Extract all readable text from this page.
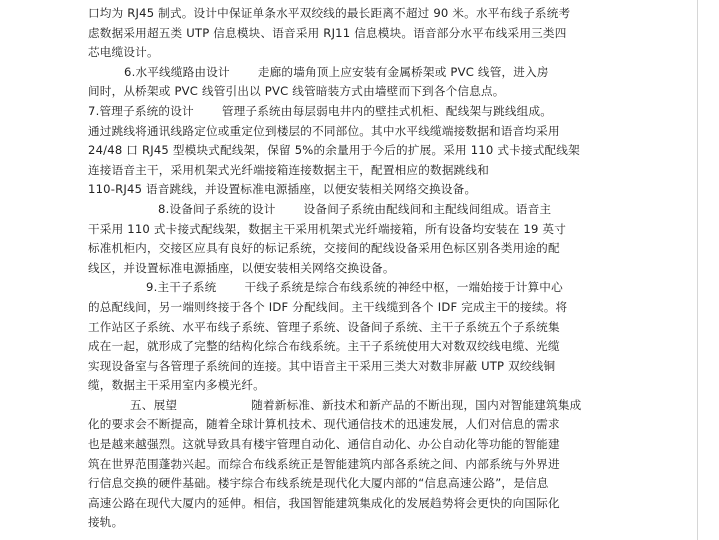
口均为 RJ45 制式。设计中保证单条水平双绞线的最长距离不超过 90 米。水平布线子系统考
虑数据采用超五类 UTP 信息模块、语音采用 RJ11 信息模块。语音部分水平布线采用三类四
芯电缆设计。
6.水平线缆路由设计 走廊的墙角顶上应安装有金属桥架或 PVC 线管，进入房
间时，从桥架或 PVC 线管引出以 PVC 线管暗装方式由墙壁而下到各个信息点。
7.管理子系统的设计 管理子系统由每层弱电井内的壁挂式机柜、配线架与跳线组成。
通过跳线将通讯线路定位或重定位到楼层的不同部位。其中水平线缆端接数据和语音均采用
24/48 口 RJ45 型模块式配线架，保留 5%的余量用于今后的扩展。采用 110 式卡接式配线架
连接语音主干，采用机架式光纤端接箱连接数据主干，配置相应的数据跳线和
110-RJ45 语音跳线，并设置标准电源插座，以便安装相关网络交换设备。
8.设备间子系统的设计 设备间子系统由配线间和主配线间组成。语音主
干采用 110 式卡接式配线架，数据主干采用机架式光纤端接箱，所有设备均安装在 19 英寸
标准机柜内，交接区应具有良好的标记系统，交接间的配线设备采用色标区别各类用途的配
线区，并设置标准电源插座，以便安装相关网络交换设备。
9.主干子系统 干线子系统是综合布线系统的神经中枢，一端始接于计算中心
的总配线间，另一端则终接于各个 IDF 分配线间。主干线缆到各个 IDF 完成主干的接续。将
工作站区子系统、水平布线子系统、管理子系统、设备间子系统、主干子系统五个子系统集
成在一起，就形成了完整的结构化综合布线系统。主干子系统使用大对数双绞线电缆、光缆
实现设备室与各管理子系统间的连接。其中语音主干采用三类大对数非屏蔽 UTP 双绞线铜
缆，数据主干采用室内多模光纤。
五、展望	随着新标准、新技术和新产品的不断出现，国内对智能建筑集成
化的要求会不断提高，随着全球计算机技术、现代通信技术的迅速发展，人们对信息的需求
也是越来越强烈。这就导致具有楼宇管理自动化、通信自动化、办公自动化等功能的智能建
筑在世界范围蓬勃兴起。而综合布线系统正是智能建筑内部各系统之间、内部系统与外界进
行信息交换的硬件基础。楼宇综合布线系统是现代化大厦内部的“信息高速公路”，是信息
高速公路在现代大厦内的延伸。相信，我国智能建筑集成化的发展趋势将会更快的向国际化
接轨。
